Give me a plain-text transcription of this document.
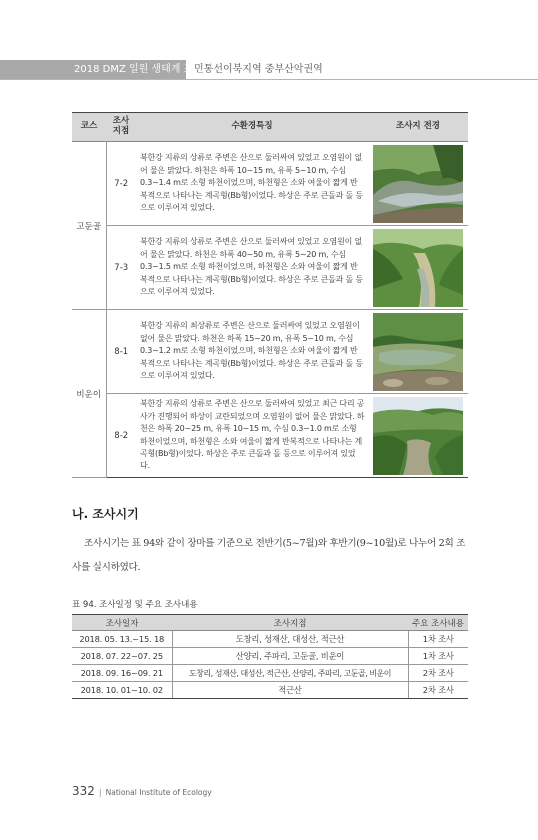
2018 DMZ 일원 생태계 조사
민통선이북지역 중부산악권역
코스	조사 지점	수환경특징	조사지 전경
고둔골	7-2	북한강 지류의 상류로 주변은 산으로 둘러싸여 있었고 오염원이 없어 물은 맑았다. 하천은 하폭 10~15 m, 유폭 5~10 m, 수심 0.3~1.4 m로 소형 하천이었으며, 하천형은 소와 여울이 짧게 반복적으로 나타나는 계곡형(Bb형)이었다. 하상은 주로 큰돌과 돌 등으로 이루어져 있었다.	

	7-3	북한강 지류의 상류로 주변은 산으로 둘러싸여 있었고 오염원이 없어 물은 맑았다. 하천은 하폭 40~50 m, 유폭 5~20 m, 수심 0.3~1.5 m로 소형 하천이었으며, 하천형은 소와 여울이 짧게 반복적으로 나타나는 계곡형(Bb형)이었다. 하상은 주로 큰돌과 돌 등으로 이루어져 있었다.	

비운이	8-1	북한강 지류의 최상류로 주변은 산으로 둘러싸여 있었고 오염원이 없어 물은 맑았다. 하천은 하폭 15~20 m, 유폭 5~10 m, 수심 0.3~1.2 m로 소형 하천이었으며, 하천형은 소와 여울이 짧게 반복적으로 나타나는 계곡형(Bb형)이었다. 하상은 주로 큰돌과 돌 등으로 이루어져 있었다.	

	8-2	북한강 지류의 상류로 주변은 산으로 둘러싸여 있었고 최근 다리 공사가 진행되어 하상이 교란되었으며 오염원이 없어 물은 맑았다. 하천은 하폭 20~25 m, 유폭 10~15 m, 수심 0.3~1.0 m로 소형 하천이었으며, 하천형은 소와 여울이 짧게 반복적으로 나타나는 계곡형(Bb형)이었다. 하상은 주로 큰돌과 돌 등으로 이루어져 있었다.	
나. 조사시기

조사시기는 표 94와 같이 장마를 기준으로 전반기(5~7월)와 후반기(9~10월)로 나누어 2회 조사를 실시하였다.

표 94. 조사일정 및 주요 조사내용
조사일자	조사지점	주요 조사내용
2018. 05. 13.~15. 18	도창리, 성재산, 대성산, 적근산	1차 조사
2018. 07. 22~07. 25	산양리, 주파리, 고둔골, 비운이	1차 조사
2018. 09. 16~09. 21	도창리, 성재산, 대성산, 적근산, 산양리, 주파리, 고둔골, 비운이	2차 조사
2018. 10. 01~10. 02	적근산	2차 조사
332 | National Institute of Ecology
